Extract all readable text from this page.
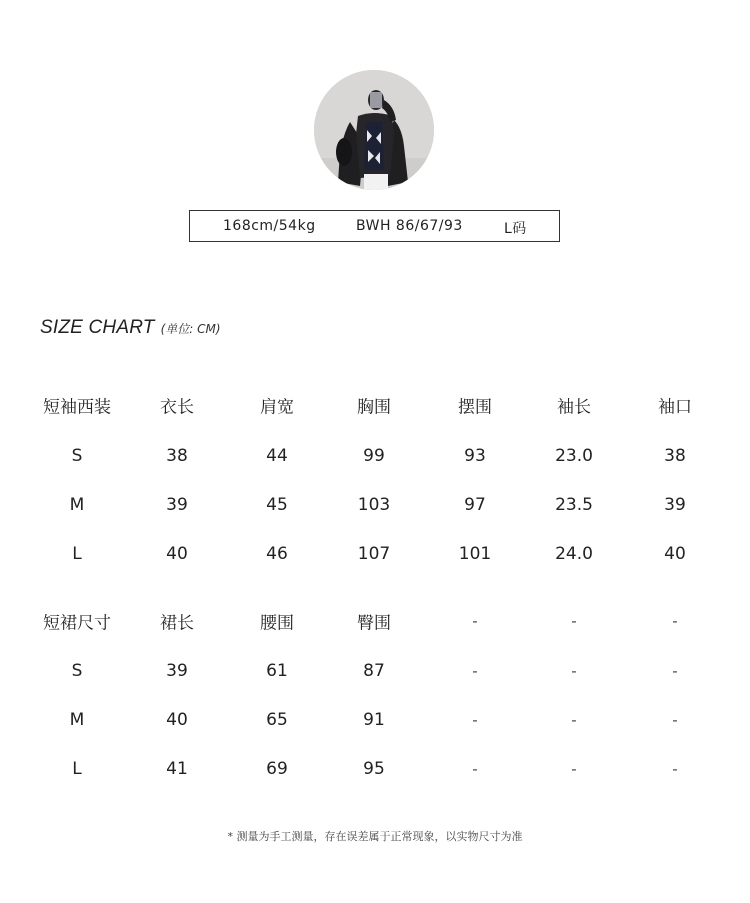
168cm/54kg	BWH 86/67/93	L码
SIZE CHART (单位: CM)
短袖西装	衣长	肩宽	胸围	摆围	袖长	袖口
S	38	44	99	93	23.0	38
M	39	45	103	97	23.5	39
L	40	46	107	101	24.0	40
短裙尺寸	裙长	腰围	臀围	-	-	-
S	39	61	87	-	-	-
M	40	65	91	-	-	-
L	41	69	95	-	-	-
* 测量为手工测量，存在误差属于正常现象，以实物尺寸为准
